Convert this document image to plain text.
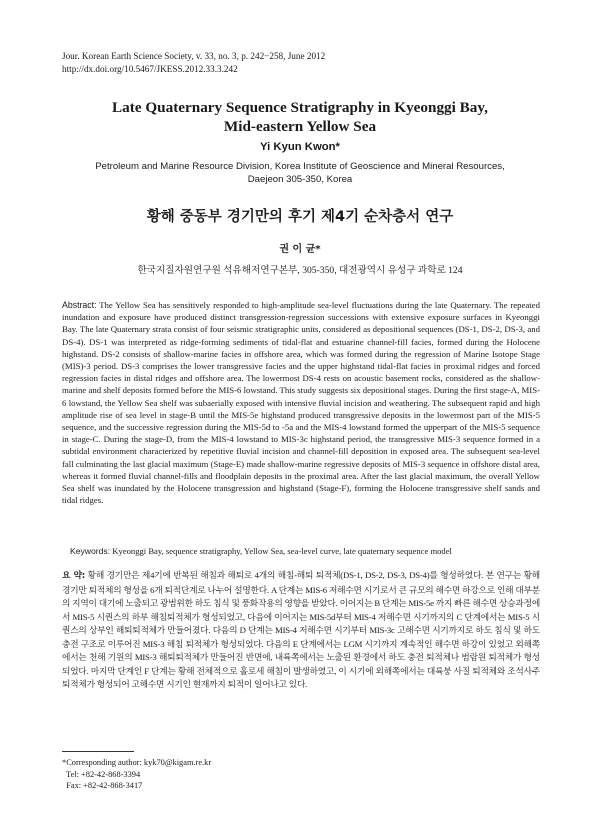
Jour. Korean Earth Science Society, v. 33, no. 3, p. 242−258, June 2012
http://dx.doi.org/10.5467/JKESS.2012.33.3.242
Late Quaternary Sequence Stratigraphy in Kyeonggi Bay,
Mid-eastern Yellow Sea
Yi Kyun Kwon*
Petroleum and Marine Resource Division, Korea Institute of Geoscience and Mineral Resources,
Daejeon 305-350, Korea
황해 중동부 경기만의 후기 제4기 순차층서 연구
권 이 균*
한국지질자원연구원 석유해저연구본부, 305-350, 대전광역시 유성구 과학로 124

Abstract: The Yellow Sea has sensitively responded to high-amplitude sea-level fluctuations during the late Quaternary. The repeated inundation and exposure have produced distinct transgression-regression successions with extensive exposure surfaces in Kyeonggi Bay. The late Quaternary strata consist of four seismic stratigraphic units, considered as depositional sequences (DS-1, DS-2, DS-3, and DS-4). DS-1 was interpreted as ridge-forming sediments of tidal-flat and estuarine channel-fill facies, formed during the Holocene highstand. DS-2 consists of shallow-marine facies in offshore area, which was formed during the regression of Marine Isotope Stage (MIS)-3 period. DS-3 comprises the lower transgressive facies and the upper highstand tidal-flat facies in proximal ridges and forced regression facies in distal ridges and offshore area. The lowermost DS-4 rests on acoustic basement rocks, considered as the shallow-marine and shelf deposits formed before the MIS-6 lowstand. This study suggests six depositional stages. During the first stage-A, MIS-6 lowstand, the Yellow Sea shelf was subaerially exposed with intensive fluvial incision and weathering. The subsequent rapid and high amplitude rise of sea level in stage-B until the MIS-5e highstand produced transgressive deposits in the lowermost part of the MIS-5 sequence, and the successive regression during the MIS-5d to -5a and the MIS-4 lowstand formed the upperpart of the MIS-5 sequence in stage-C. During the stage-D, from the MIS-4 lowstand to MIS-3c highstand period, the transgressive MIS-3 sequence formed in a subtidal environment characterized by repetitive fluvial incision and channel-fill deposition in exposed area. The subsequent sea-level fall culminating the last glacial maximum (Stage-E) made shallow-marine regressive deposits of MIS-3 sequence in offshore distal area, whereas it formed fluvial channel-fills and floodplain deposits in the proximal area. After the last glacial maximum, the overall Yellow Sea shelf was inundated by the Holocene transgression and highstand (Stage-F), forming the Holocene transgressive shelf sands and tidal ridges.

Keywords: Kyeonggi Bay, sequence stratigraphy, Yellow Sea, sea-level curve, late quaternary sequence model

요 약: 황해 경기만은 제4기에 반복된 해침과 해퇴로 4개의 해침-해퇴 퇴적체(DS-1, DS-2, DS-3, DS-4)를 형성하였다. 본 연구는 황해 경기만 퇴적체의 형성을 6개 퇴적단계로 나누어 설명한다. A 단계는 MIS-6 저해수면 시기로서 큰 규모의 해수면 하강으로 인해 대부분의 지역이 대기에 노출되고 광범위한 하도 침식 및 풍화작용의 영향을 받았다. 이어지는 B 단계는 MIS-5e 까지 빠른 해수면 상승과정에서 MIS-5 시퀀스의 하부 해침퇴적체가 형성되었고, 다음에 이어지는 MIS-5d부터 MIS-4 저해수면 시기까지의 C 단계에서는 MIS-5 시퀀스의 상부인 해퇴퇴적체가 만들어졌다. 다음의 D 단계는 MIS-4 저해수면 시기부터 MIS-3c 고해수면 시기까지로 하도 침식 및 하도 충전 구조로 이루어진 MIS-3 해침 퇴적체가 형성되었다. 다음의 E 단계에서는 LGM 시기까지 계속적인 해수면 하강이 있었고 외해쪽에서는 천해 기원의 MIS-3 해퇴퇴적체가 만들어진 반면에, 내륙쪽에서는 노출된 환경에서 하도 충전 퇴적체나 범람원 퇴적체가 형성되었다. 마지막 단계인 F 단계는 황해 전체적으로 홀로세 해침이 발생하였고, 이 시기에 외해쪽에서는 대륙붕 사질 퇴적체와 조석사주 퇴적체가 형성되어 고해수면 시기인 현재까지 퇴적이 일어나고 있다.

*Corresponding author: kyk70@kigam.re.kr
Tel: +82-42-868-3394
Fax: +82-42-868-3417
